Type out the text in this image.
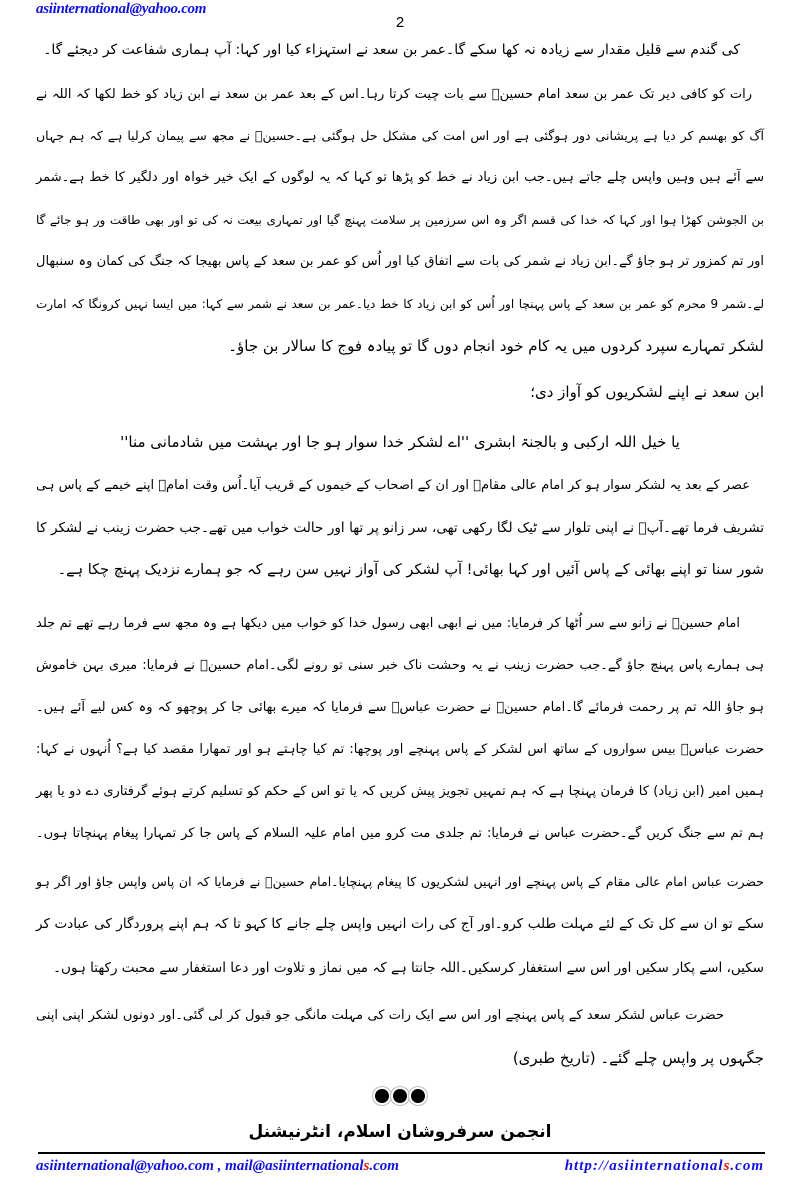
asiinternational@yahoo.com
2
کی گندم سے قلیل مقدار سے زیادہ نہ کھا سکے گا۔عمر بن سعد نے استہزاء کیا اور کہا: آپ ہماری شفاعت کر دیجئے گا۔
رات کو کافی دیر تک عمر بن سعد امام حسینؑ سے بات چیت کرتا رہا۔اس کے بعد عمر بن سعد نے ابن زیاد کو خط لکھا کہ اللہ نے
آگ کو بھسم کر دیا ہے پریشانی دور ہوگئی ہے اور اس امت کی مشکل حل ہوگئی ہے۔حسینؑ نے مجھ سے پیمان کرلیا ہے کہ ہم جہاں
سے آئے ہیں وہیں واپس چلے جاتے ہیں۔جب ابن زیاد نے خط کو پڑھا تو کہا کہ یہ لوگوں کے ایک خیر خواہ اور دلگیر کا خط ہے۔شمر
بن الجوشن کھڑا ہوا اور کہا کہ خدا کی قسم اگر وہ اس سرزمین پر سلامت پہنچ گیا اور تمہاری بیعت نہ کی تو اور بھی طاقت ور ہو جائے گا
اور تم کمزور تر ہو جاؤ گے۔ابن زیاد نے شمر کی بات سے اتفاق کیا اور اُس کو عمر بن سعد کے پاس بھیجا کہ جنگ کی کمان وہ سنبھال
لے۔شمر 9 محرم کو عمر بن سعد کے پاس پہنچا اور اُس کو ابن زیاد کا خط دیا۔عمر بن سعد نے شمر سے کہا: میں ایسا نہیں کرونگا کہ امارت
لشکر تمہارے سپرد کردوں میں یہ کام خود انجام دوں گا تو پیادہ فوج کا سالار بن جاؤ۔
ابن سعد نے اپنے لشکریوں کو آواز دی؛
یا خیل اللہ ارکبی و بالجنۃ ابشری ''اے لشکر خدا سوار ہو جا اور بہشت میں شادمانی منا''
عصر کے بعد یہ لشکر سوار ہو کر امام عالی مقامؑ اور ان کے اصحاب کے خیموں کے قریب آیا۔اُس وقت امامؑ اپنے خیمے کے پاس ہی
تشریف فرما تھے۔آپؑ نے اپنی تلوار سے ٹیک لگا رکھی تھی، سر زانو پر تھا اور حالت خواب میں تھے۔جب حضرت زینب نے لشکر کا
شور سنا تو اپنے بھائی کے پاس آئیں اور کہا بھائی! آپ لشکر کی آواز نہیں سن رہے کہ جو ہمارے نزدیک پہنچ چکا ہے۔
امام حسینؑ نے زانو سے سر اُٹھا کر فرمایا: میں نے ابھی ابھی رسول خدا کو خواب میں دیکھا ہے وہ مجھ سے فرما رہے تھے تم جلد
ہی ہمارے پاس پہنچ جاؤ گے۔جب حضرت زینب نے یہ وحشت ناک خبر سنی تو رونے لگی۔امام حسینؑ نے فرمایا: میری بہن خاموش
ہو جاؤ اللہ تم پر رحمت فرمائے گا۔امام حسینؑ نے حضرت عباسؑ سے فرمایا کہ میرے بھائی جا کر پوچھو کہ وہ کس لیے آئے ہیں۔
حضرت عباسؑ بیس سواروں کے ساتھ اس لشکر کے پاس پہنچے اور پوچھا: تم کیا چاہتے ہو اور تمھارا مقصد کیا ہے؟ اُنہوں نے کہا:
ہمیں امیر (ابن زیاد) کا فرمان پہنچا ہے کہ ہم تمہیں تجویز پیش کریں کہ یا تو اس کے حکم کو تسلیم کرتے ہوئے گرفتاری دے دو یا پھر
ہم تم سے جنگ کریں گے۔حضرت عباس نے فرمایا: تم جلدی مت کرو میں امام علیہ السلام کے پاس جا کر تمہارا پیغام پہنچاتا ہوں۔
حضرت عباس امام عالی مقام کے پاس پہنچے اور انہیں لشکریوں کا پیغام پہنچایا۔امام حسینؑ نے فرمایا کہ ان پاس واپس جاؤ اور اگر ہو
سکے تو ان سے کل تک کے لئے مہلت طلب کرو۔اور آج کی رات انہیں واپس چلے جانے کا کہو تا کہ ہم اپنے پروردگار کی عبادت کر
سکیں، اسے پکار سکیں اور اس سے استغفار کرسکیں۔اللہ جانتا ہے کہ میں نماز و تلاوت اور دعا استغفار سے محبت رکھتا ہوں۔
حضرت عباس لشکر سعد کے پاس پہنچے اور اس سے ایک رات کی مہلت مانگی جو قبول کر لی گئی۔اور دونوں لشکر اپنی اپنی
جگہوں پر واپس چلے گئے۔ (تاریخ طبری)
انجمن سرفروشان اسلام، انٹرنیشنل
asiinternational@yahoo.com , mail@asiinternationals.com	http://asiinternationals.com
